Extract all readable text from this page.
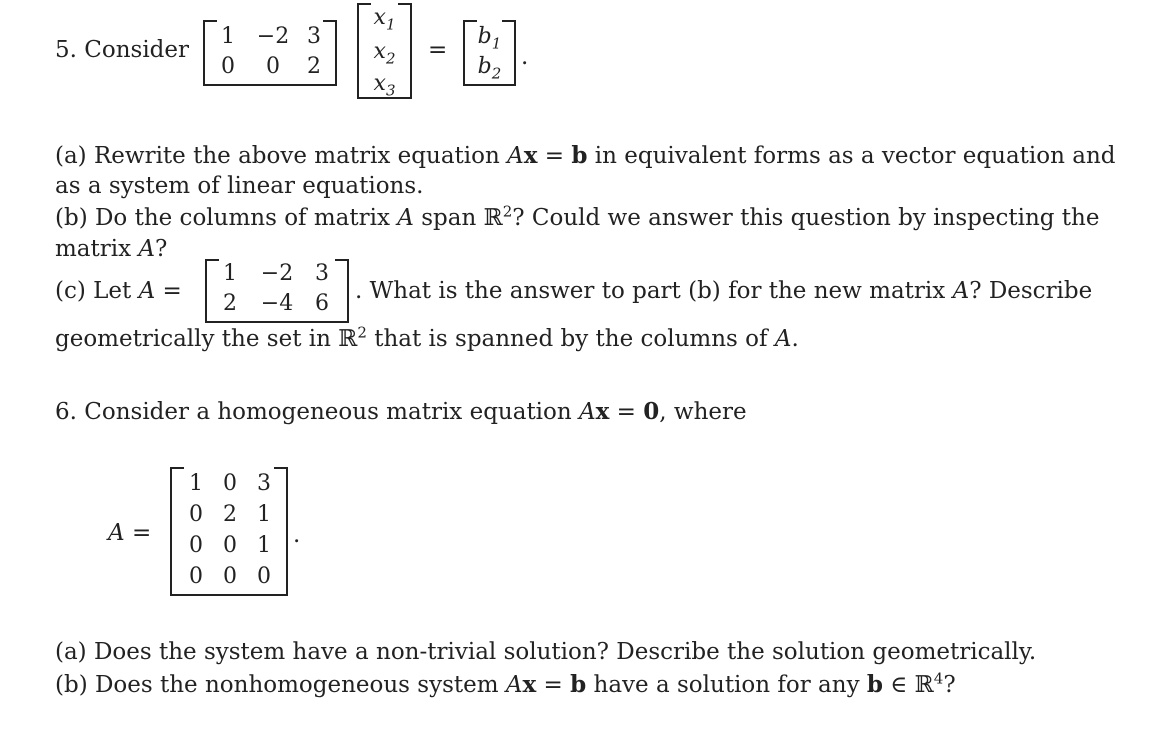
5. Consider
1 −2 3
0	0	2
$x_1$
$x_2$
$x_3$
=
$b_1$
$b_2$
.
(a) Rewrite the above matrix equation Ax = b in equivalent forms as a vector equation and
as a system of linear equations.
(b) Do the columns of matrix A span ℝ$^2$? Could we answer this question by inspecting the
matrix A?
(c) Let A =
1 −2 3
2 −4 6 . What is the answer to part (b) for the new matrix A? Describe
geometrically the set in ℝ$^2$ that is spanned by the columns of A.
6. Consider a homogeneous matrix equation Ax = 0, where
A =
1 0 3
0 2 1
0 0 1
0 0 0
.
(a) Does the system have a non-trivial solution? Describe the solution geometrically.
(b) Does the nonhomogeneous system Ax = b have a solution for any b ∈ ℝ$^4$?
